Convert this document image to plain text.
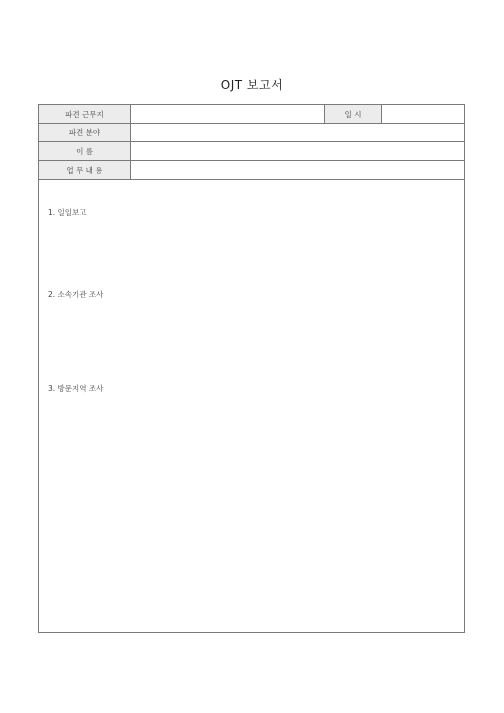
OJT 보고서
파견 근무지	일 시
파견 분야
이 름
업 무 내 용
1. 일일보고
2. 소속기관 조사
3. 방문지역 조사
